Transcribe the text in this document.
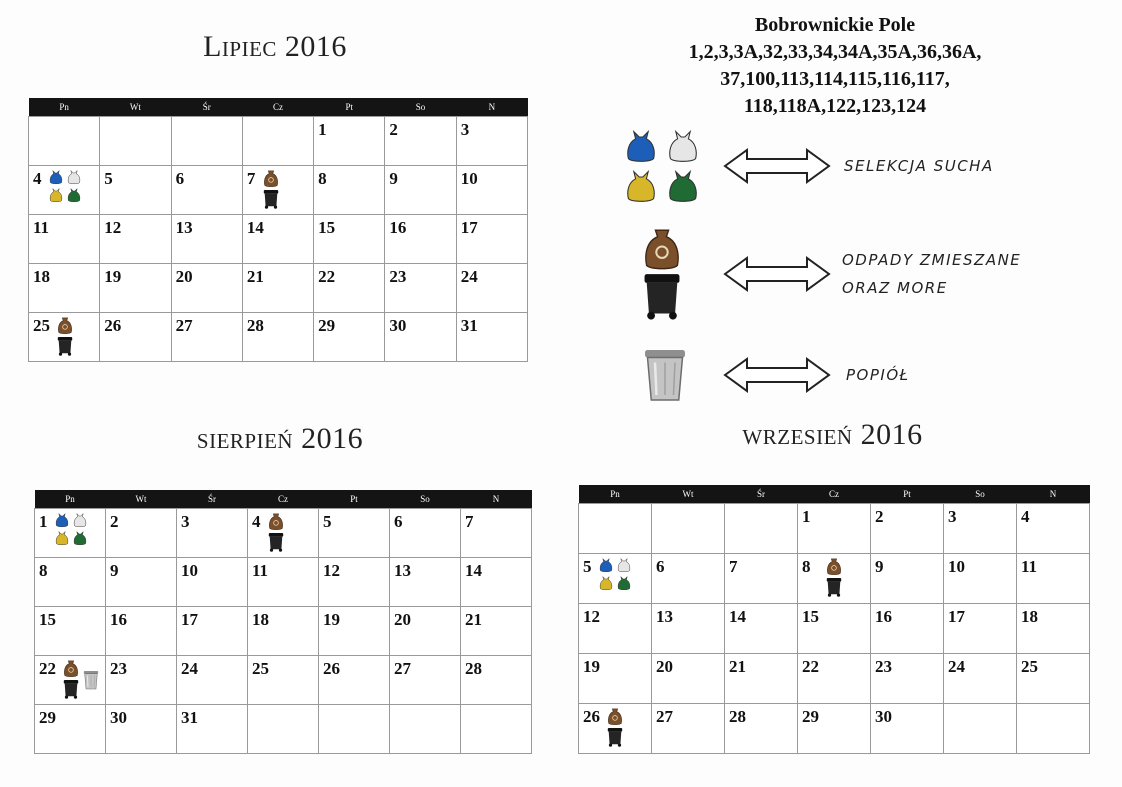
Lipiec 2016
Pn	Wt	Śr	Cz	Pt	So	N
				1	2	3
4	5	6	7	8	9	10
11	12	13	14	15	16	17
18	19	20	21	22	23	24
25	26	27	28	29	30	31
Bobrownickie Pole
1,2,3,3A,32,33,34,34A,35A,36,36A,
37,100,113,114,115,116,117,
118,118A,122,123,124
SELEKCJA SUCHA
ODPADY ZMIESZANE
ORAZ MORE
POPIÓŁ
sierpień 2016
Pn	Wt	Śr	Cz	Pt	So	N
1	2	3	4	5	6	7
8	9	10	11	12	13	14
15	16	17	18	19	20	21
22	23	24	25	26	27	28
29	30	31				
wrzesień 2016
Pn	Wt	Śr	Cz	Pt	So	N
			1	2	3	4
5	6	7	8	9	10	11
12	13	14	15	16	17	18
19	20	21	22	23	24	25
26	27	28	29	30		
